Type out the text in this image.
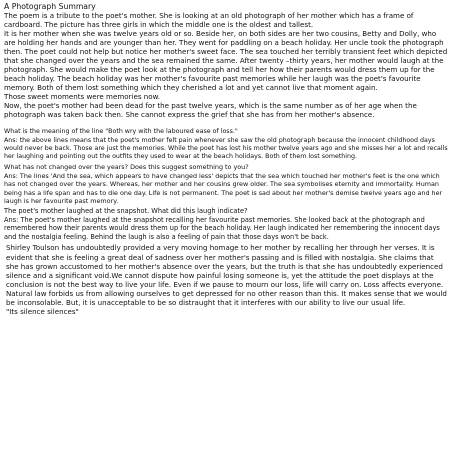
A Photograph Summary

The poem is a tribute to the poet's mother. She is looking at an old photograph of her mother which has a frame of cardboard. The picture has three girls in which the middle one is the oldest and tallest.

It is her mother when she was twelve years old or so. Beside her, on both sides are her two cousins, Betty and Dolly, who are holding her hands and are younger than her. They went for paddling on a beach holiday. Her uncle took the photograph then. The poet could not help but notice her mother's sweet face. The sea touched her terribly transient feet which depicted that she changed over the years and the sea remained the same. After twenty –thirty years, her mother would laugh at the photograph. She would make the poet look at the photograph and tell her how their parents would dress them up for the beach holiday. The beach holiday was her mother's favourite past memories while her laugh was the poet's favourite memory. Both of them lost something which they cherished a lot and yet cannot live that moment again.

Those sweet moments were memories now.

Now, the poet's mother had been dead for the past twelve years, which is the same number as of her age when the photograph was taken back then. She cannot express the grief that she has from her mother's absence.

What is the meaning of the line "Both wry with the laboured ease of loss."

Ans: the above lines means that the poet's mother felt pain whenever she saw the old photograph because the innocent childhood days would never be back. Those are just the memories. While the poet has lost his mother twelve years ago and she misses her a lot and recalls her laughing and pointing out the outfits they used to wear at the beach holidays. Both of them lost something.

What has not changed over the years? Does this suggest something to you?

Ans: The lines 'And the sea, which appears to have changed less' depicts that the sea which touched her mother's feet is the one which has not changed over the years. Whereas, her mother and her cousins grew older. The sea symbolises eternity and immortality. Human being has a life span and has to die one day. Life is not permanent. The poet is sad about her mother's demise twelve years ago and her laugh is her favourite past memory.

The poet's mother laughed at the snapshot. What did this laugh indicate?

Ans: The poet's mother laughed at the snapshot recalling her favourite past memories. She looked back at the photograph and remembered how their parents would dress them up for the beach holiday. Her laugh indicated her remembering the innocent days and the nostalgia feeling. Behind the laugh is also a feeling of pain that those days won't be back.

Shirley Toulson has undoubtedly provided a very moving homage to her mother by recalling her through her verses. It is evident that she is feeling a great deal of sadness over her mother's passing and is filled with nostalgia. She claims that she has grown accustomed to her mother's absence over the years, but the truth is that she has undoubtedly experienced silence and a significant void.We cannot dispute how painful losing someone is, yet the attitude the poet displays at the conclusion is not the best way to live your life. Even if we pause to mourn our loss, life will carry on. Loss affects everyone. Natural law forbids us from allowing ourselves to get depressed for no other reason than this. It makes sense that we would be inconsolable. But, it is unacceptable to be so distraught that it interferes with our ability to live our usual life.

"Its silence silences"
